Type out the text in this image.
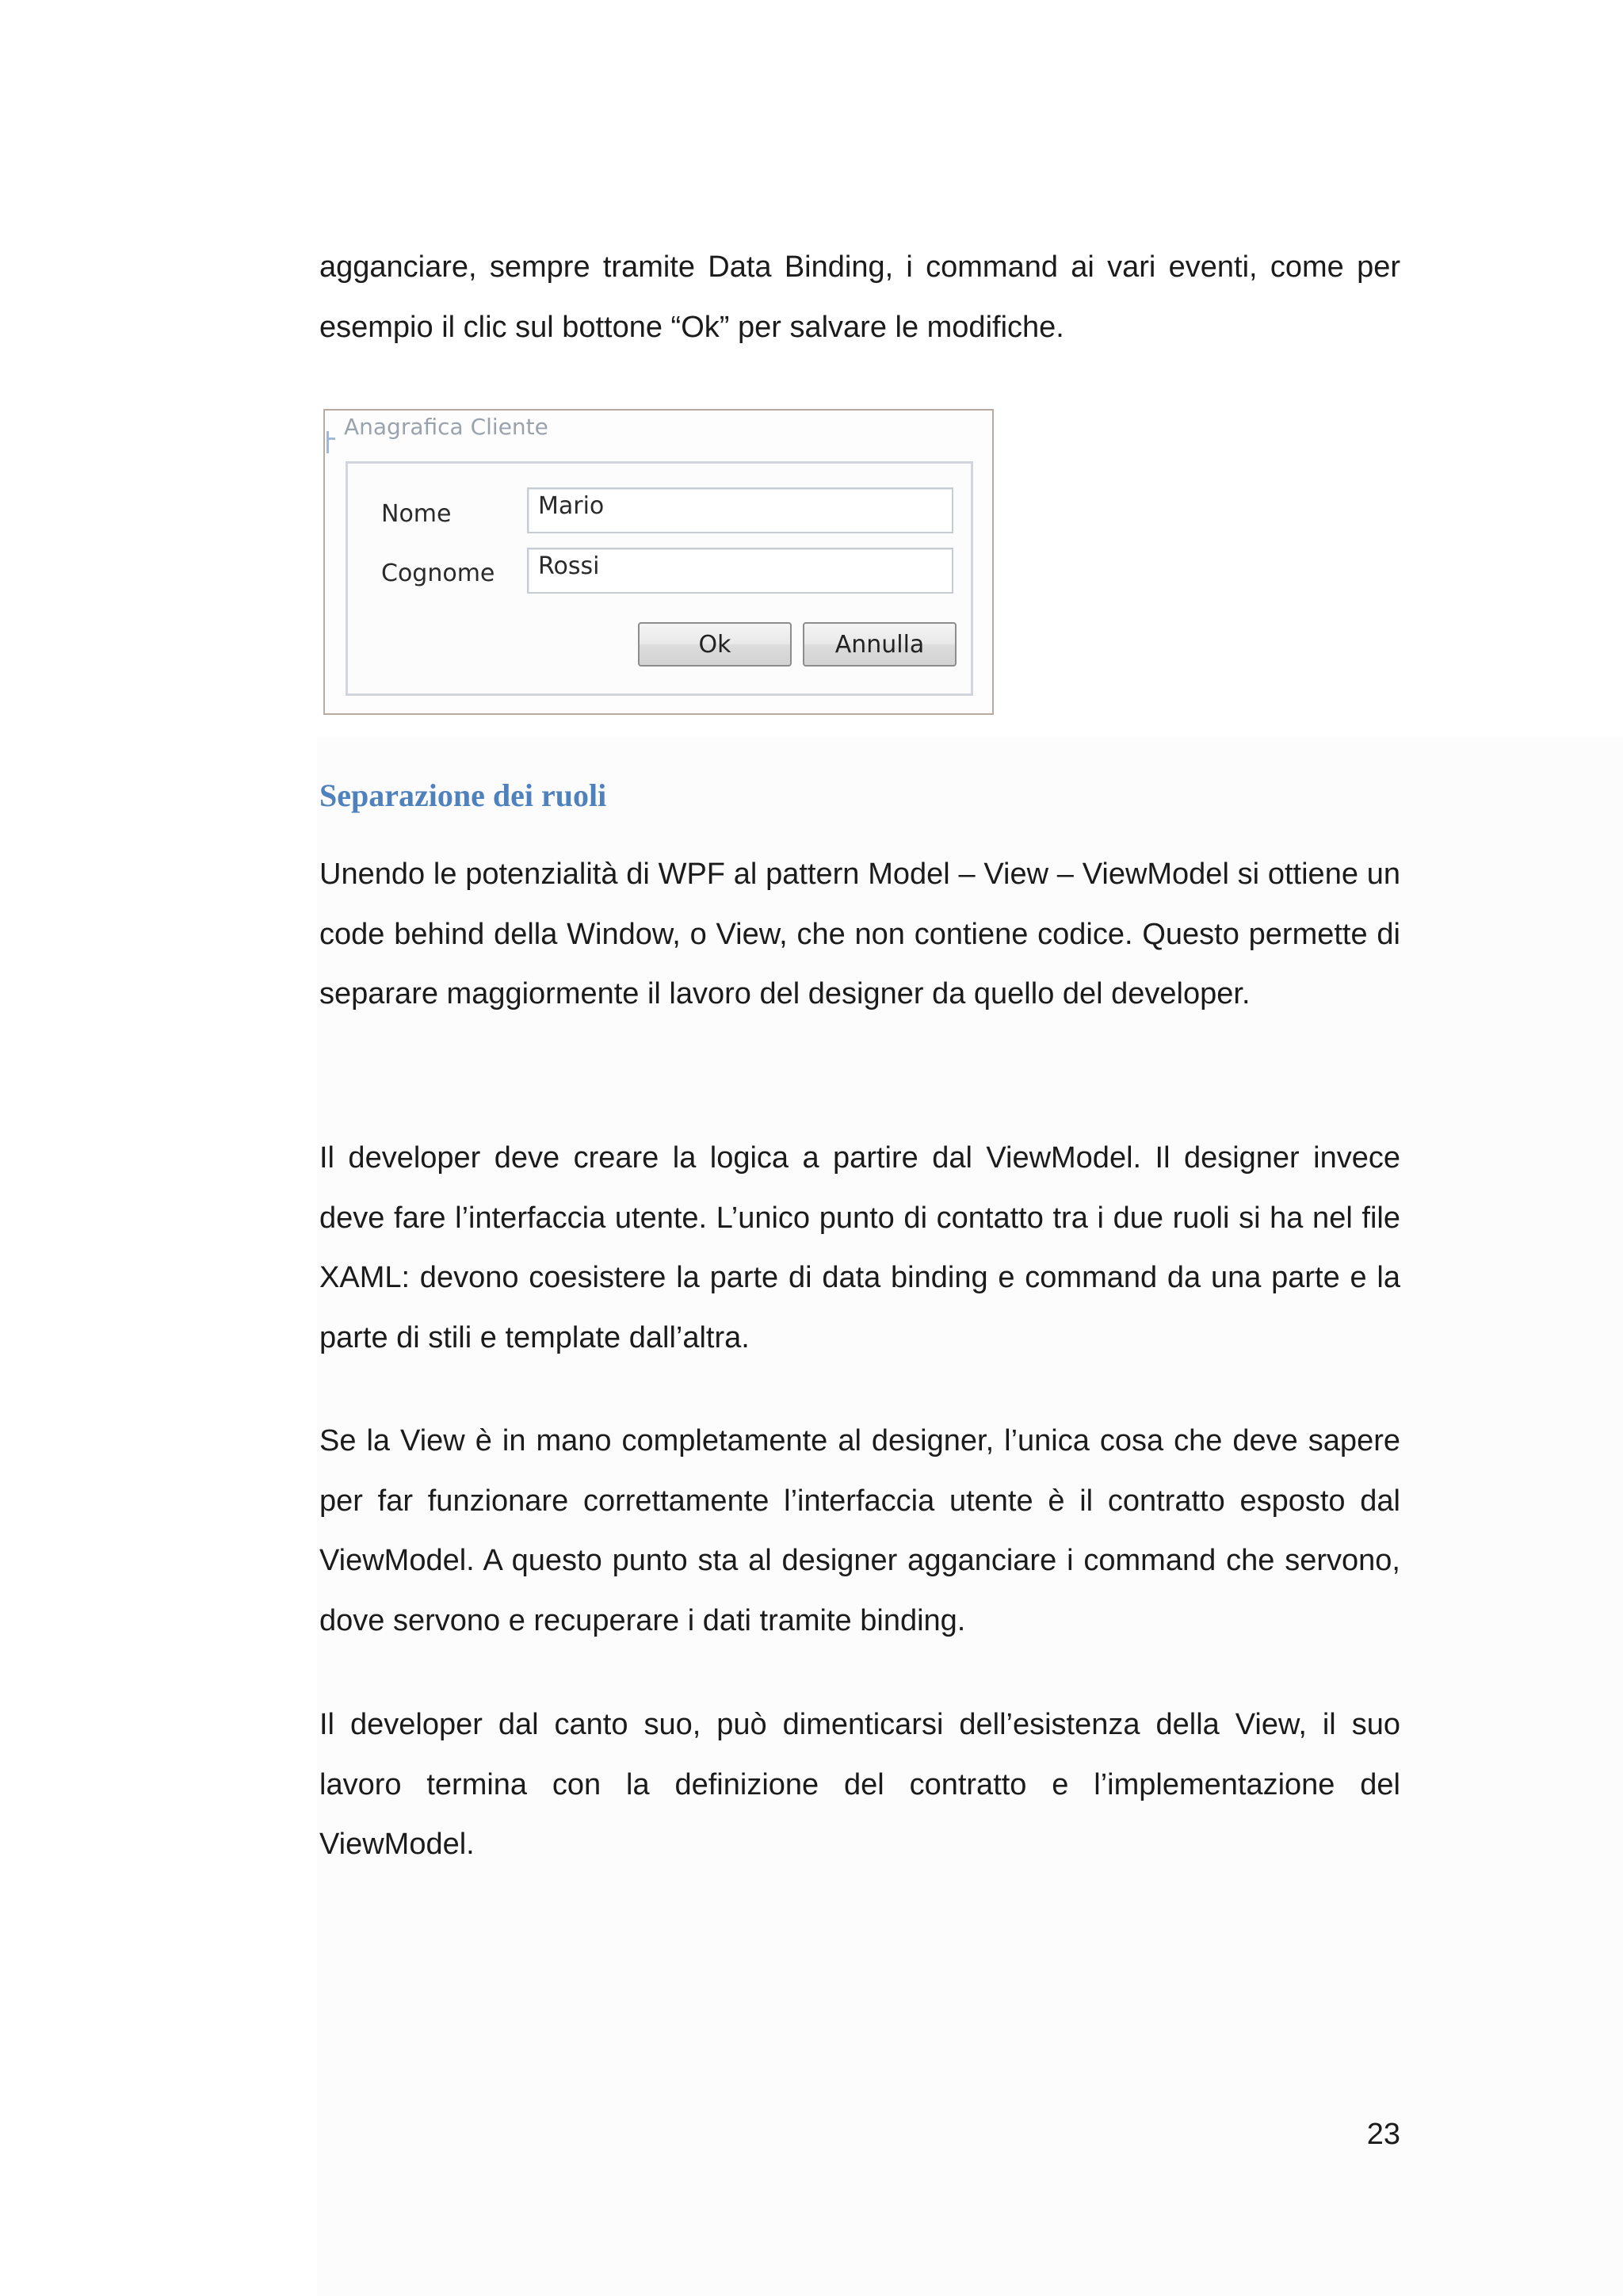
agganciare, sempre tramite Data Binding, i command ai vari eventi, come per esempio il clic sul bottone “Ok” per salvare le modifiche.

Anagrafica Cliente
Nome	Mario
Cognome	Rossi
Ok	Annulla
Separazione dei ruoli

Unendo le potenzialità di WPF al pattern Model – View – ViewModel si ottiene un code behind della Window, o View, che non contiene codice. Questo permette di separare maggiormente il lavoro del designer da quello del developer.

Il developer deve creare la logica a partire dal ViewModel. Il designer invece deve fare l’interfaccia utente. L’unico punto di contatto tra i due ruoli si ha nel file XAML: devono coesistere la parte di data binding e command da una parte e la parte di stili e template dall’altra.

Se la View è in mano completamente al designer, l’unica cosa che deve sapere per far funzionare correttamente l’interfaccia utente è il contratto esposto dal ViewModel. A questo punto sta al designer agganciare i command che servono, dove servono e recuperare i dati tramite binding.

Il developer dal canto suo, può dimenticarsi dell’esistenza della View, il suo lavoro termina con la definizione del contratto e l’implementazione del ViewModel.

23
